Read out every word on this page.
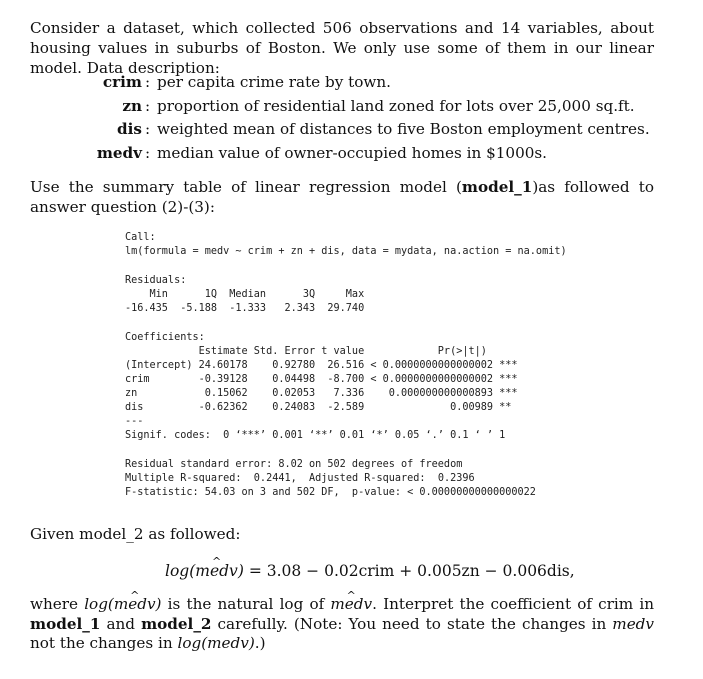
Consider a dataset, which collected 506 observations and 14 variables, about housing values in suburbs of Boston. We only use some of them in our linear model. Data description:

crim : per capita crime rate by town.
zn : proportion of residential land zoned for lots over 25,000 sq.ft.
dis : weighted mean of distances to five Boston employment centres.
medv : median value of owner-occupied homes in $1000s.

Use the summary table of linear regression model (model_1)as followed to answer question (2)-(3):

Call:
lm(formula = medv ~ crim + zn + dis, data = mydata, na.action = na.omit)
Residuals:
Min      1Q  Median      3Q     Max
-16.435  -5.188  -1.333   2.343  29.740
Coefficients:
Estimate Std. Error t value            Pr(>|t|)
(Intercept) 24.60178    0.92780  26.516 < 0.0000000000000002 ***
crim        -0.39128    0.04498  -8.700 < 0.0000000000000002 ***
zn           0.15062    0.02053   7.336    0.000000000000893 ***
dis         -0.62362    0.24083  -2.589              0.00989 **
---
Signif. codes:  0 ‘***’ 0.001 ‘**’ 0.01 ‘*’ 0.05 ‘.’ 0.1 ‘ ’ 1
Residual standard error: 8.02 on 502 degrees of freedom
Multiple R-squared:  0.2441,	Adjusted R-squared:  0.2396
F-statistic: 54.03 on 3 and 502 DF,  p-value: < 0.00000000000000022

Given model_2 as followed:

log(medv ^) = 3.08 − 0.02crim + 0.005zn − 0.006dis,

where log(medv ^) is the natural log of medv ^. Interpret the coefficient of crim in model_1 and model_2 carefully. (Note: You need to state the changes in medv not the changes in log(medv).)
